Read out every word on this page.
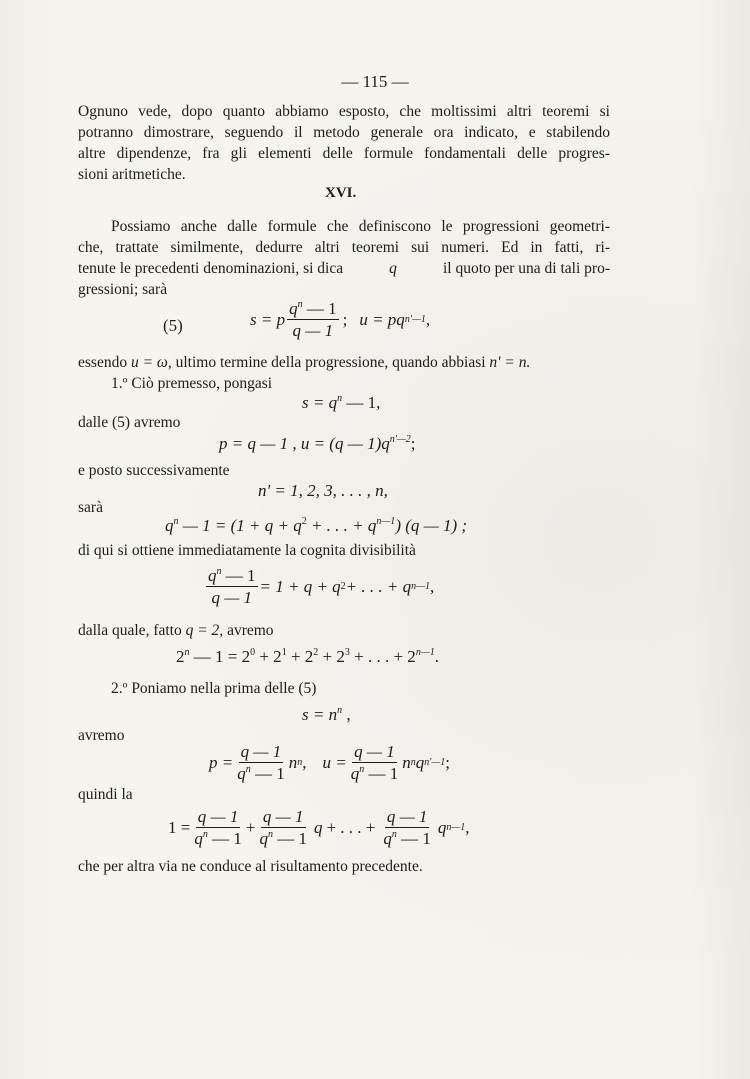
— 115 —
Ognuno vede, dopo quanto abbiamo esposto, che moltissimi altri teoremi si
potranno dimostrare, seguendo il metodo generale ora indicato, e stabilendo
altre dipendenze, fra gli elementi delle formule fondamentali delle progres-
sioni aritmetiche.
XVI.
Possiamo anche dalle formule che definiscono le progressioni geometri-
che, trattate similmente, dedurre altri teoremi sui numeri. Ed in fatti, ri-
tenute le precedenti denominazioni, si dica	q	il quoto per una di tali pro-
gressioni; sarà
(5)	s = p $\frac{q^n — 1}{q — 1}$ ; u = pq n'—1 ,
essendo u = ω, ultimo termine della progressione, quando abbiasi n' = n.
1.º Ciò premesso, pongasi
$s = q^n$ — 1,
dalle (5) avremo
p = q — 1 , u = (q — $1)q^{n'—2}$;
e posto successivamente
n' = 1, 2, 3, . . . , n,
sarà
$q^n$ — $1 = (1 + q + q^2$ + . . . + $q^{n—1}$) (q — 1) ;
di qui si ottiene immediatamente la cognita divisibilità
$\frac{q^n — 1}{q — 1} = 1 + q + q$ 2 + . . . + q n—1 ,
dalla quale, fatto q = 2, avremo
2$^n$ — $1 = 2^0 + 2^1 + 2^2 + 2^3$ + . . . + $2^{n—1}$.
2.º Poniamo nella prima delle (5)
$s = n^n$ ,
avremo
$p = \frac{q — 1}{q^n — 1}$ n n , $u = \frac{q — 1}{q^n — 1}$ n n q n'—1 ;
quindi la
$1 = \frac{q — 1}{q^n — 1} + \frac{q — 1}{q^n — 1}$ q + . . . + $\frac{q — 1}{q^n — 1}$ q n—1 ,
che per altra via ne conduce al risultamento precedente.
